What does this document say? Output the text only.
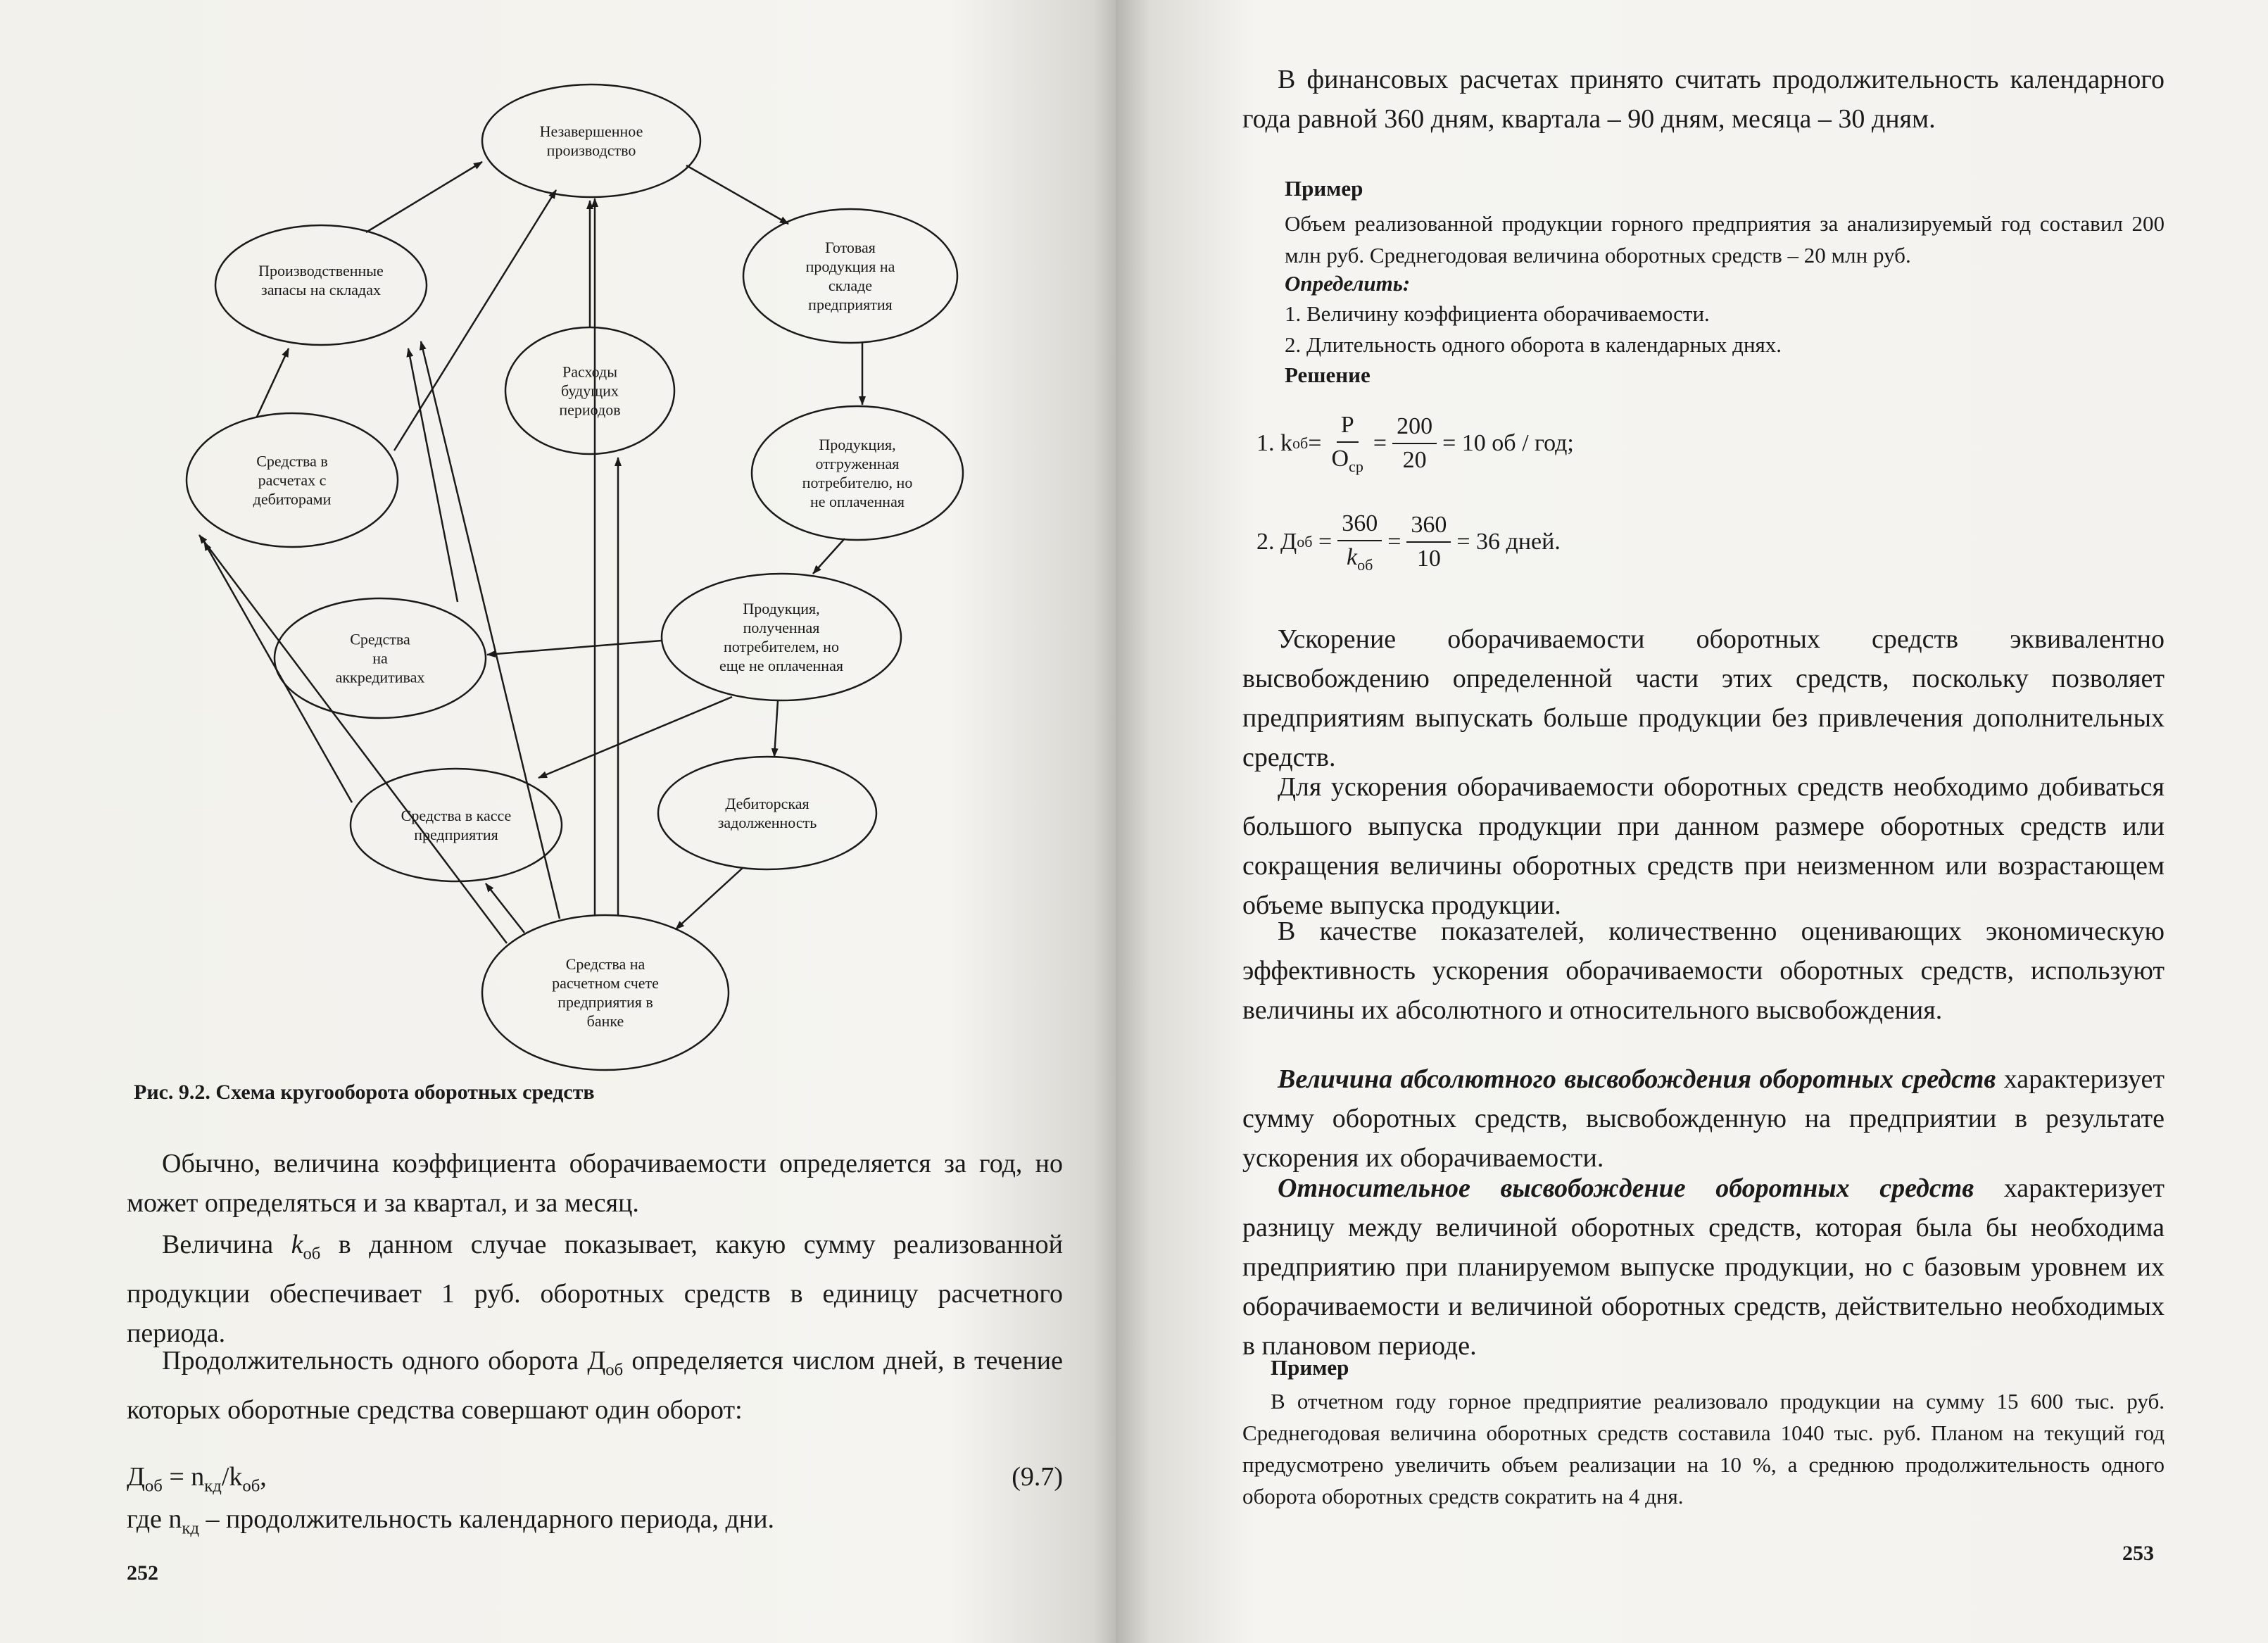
Незавершенное
производство
Производственные
запасы на складах
Готовая
продукция на
складе
предприятия
Расходы
будущих
периодов
Средства в
расчетах с
дебиторами
Продукция,
отгруженная
потребителю, но
не оплаченная
Средства
на
аккредитивах
Продукция,
полученная
потребителем, но
еще не оплаченная
Дебиторская
задолженность
Средства в кассе
предприятия
Средства на
расчетном счете
предприятия в
банке
Рис. 9.2. Схема кругооборота оборотных средств
Обычно, величина коэффициента оборачиваемости определяется за год, но может определяться и за квартал, и за месяц.
Величина $k_{об}$ в данном случае показывает, какую сумму реализованной продукции обеспечивает 1 руб. оборотных средств в единицу расчетного периода.
Продолжительность одного оборота $Д_{об}$ определяется числом дней, в течение которых оборотные средства совершают один оборот:
$Д_{об} = n_{кд}/k_{об}$,	(9.7)
где $n_{кд}$ – продолжительность календарного периода, дни.
252
В финансовых расчетах принято считать продолжительность календарного года равной 360 дням, квартала – 90 дням, месяца – 30 дням.
Пример
Объем реализованной продукции горного предприятия за анализируемый год составил 200 млн руб. Среднегодовая величина оборотных средств – 20 млн руб.
Определить:
1. Величину коэффициента оборачиваемости.
2. Длительность одного оборота в календарных днях.
Решение
1. k об = $\frac{Р}{О_{ср}} = \frac{200}{20} = 10$ об / год;
2. Д об = $\frac{360}{k_{об}} = \frac{360}{10} = 36$ дней.
Ускорение оборачиваемости оборотных средств эквивалентно высвобождению определенной части этих средств, поскольку позволяет предприятиям выпускать больше продукции без привлечения дополнительных средств.
Для ускорения оборачиваемости оборотных средств необходимо добиваться большого выпуска продукции при данном размере оборотных средств или сокращения величины оборотных средств при неизменном или возрастающем объеме выпуска продукции.
В качестве показателей, количественно оценивающих экономическую эффективность ускорения оборачиваемости оборотных средств, используют величины их абсолютного и относительного высвобождения.
Величина абсолютного высвобождения оборотных средств характеризует сумму оборотных средств, высвобожденную на предприятии в результате ускорения их оборачиваемости.
Относительное высвобождение оборотных средств характеризует разницу между величиной оборотных средств, которая была бы необходима предприятию при планируемом выпуске продукции, но с базовым уровнем их оборачиваемости и величиной оборотных средств, действительно необходимых в плановом периоде.
Пример
В отчетном году горное предприятие реализовало продукции на сумму 15 600 тыс. руб. Среднегодовая величина оборотных средств составила 1040 тыс. руб. Планом на текущий год предусмотрено увеличить объем реализации на 10 %, а среднюю продолжительность одного оборота оборотных средств сократить на 4 дня.
253
